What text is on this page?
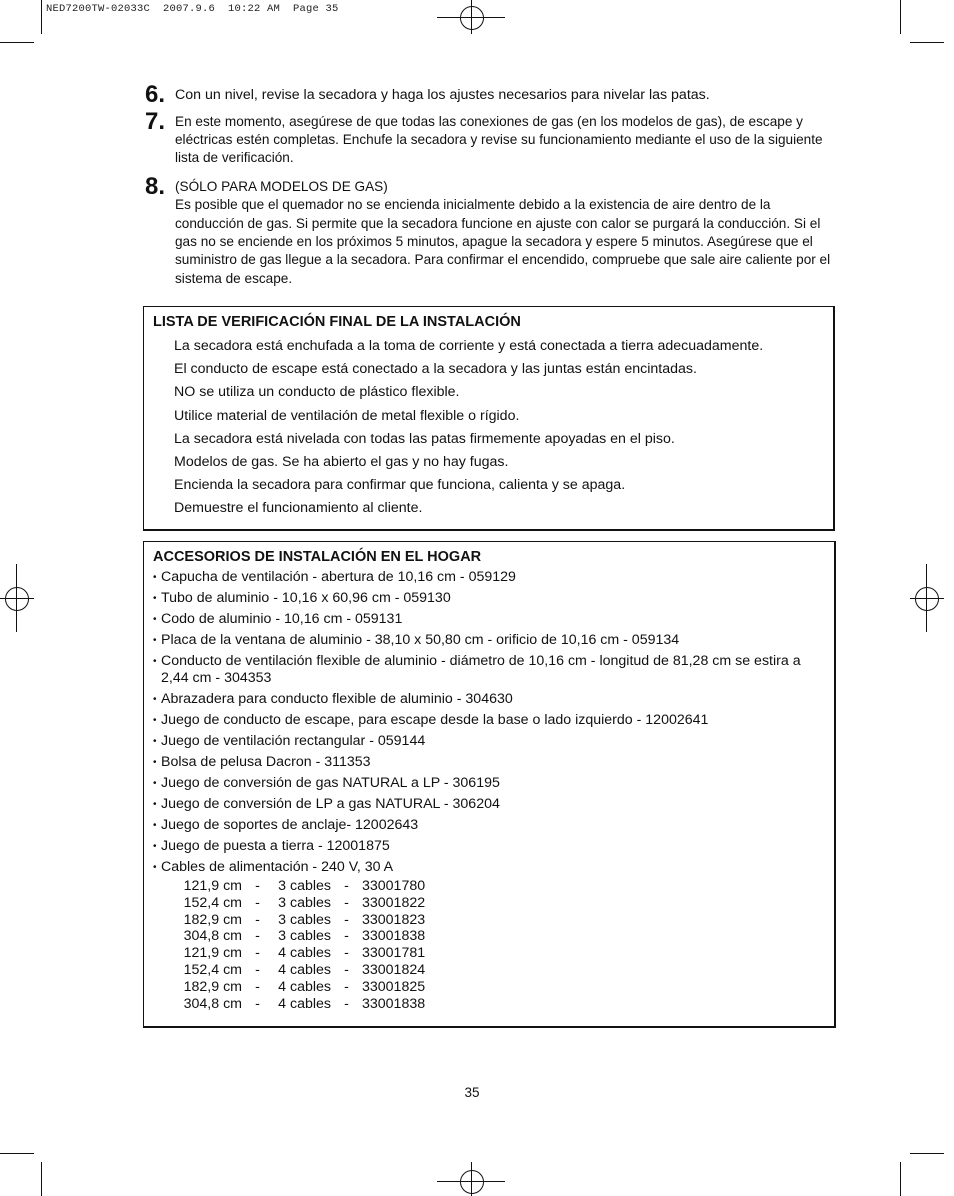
NED7200TW-02033C  2007.9.6  10:22 AM  Page 35
6. Con un nivel, revise la secadora y haga los ajustes necesarios para nivelar las patas.
7. En este momento, asegúrese de que todas las conexiones de gas (en los modelos de gas), de escape y eléctricas estén completas. Enchufe la secadora y revise su funcionamiento mediante el uso de la siguiente lista de verificación.
8. (SÓLO PARA MODELOS DE GAS)
Es posible que el quemador no se encienda inicialmente debido a la existencia de aire dentro de la conducción de gas. Si permite que la secadora funcione en ajuste con calor se purgará la conducción. Si el gas no se enciende en los próximos 5 minutos, apague la secadora y espere 5 minutos. Asegúrese que el suministro de gas llegue a la secadora. Para confirmar el encendido, compruebe que sale aire caliente por el sistema de escape.
LISTA DE VERIFICACIÓN FINAL DE LA INSTALACIÓN
La secadora está enchufada a la toma de corriente y está conectada a tierra adecuadamente.
El conducto de escape está conectado a la secadora y las juntas están encintadas.
NO se utiliza un conducto de plástico flexible.
Utilice material de ventilación de metal flexible o rígido.
La secadora está nivelada con todas las patas firmemente apoyadas en el piso.
Modelos de gas. Se ha abierto el gas y no hay fugas.
Encienda la secadora para confirmar que funciona, calienta y se apaga.
Demuestre el funcionamiento al cliente.
ACCESORIOS DE INSTALACIÓN EN EL HOGAR
• Capucha de ventilación - abertura de 10,16 cm - 059129
• Tubo de aluminio - 10,16 x 60,96 cm - 059130
• Codo de aluminio - 10,16 cm - 059131
• Placa de la ventana de aluminio - 38,10 x 50,80 cm - orificio de 10,16 cm - 059134
• Conducto de ventilación flexible de aluminio - diámetro de 10,16 cm - longitud de 81,28 cm se estira a 2,44 cm - 304353
• Abrazadera para conducto flexible de aluminio - 304630
• Juego de conducto de escape, para escape desde la base o lado izquierdo - 12002641
• Juego de ventilación rectangular - 059144
• Bolsa de pelusa Dacron - 311353
• Juego de conversión de gas NATURAL a LP - 306195
• Juego de conversión de LP a gas NATURAL - 306204
• Juego de soportes de anclaje- 12002643
• Juego de puesta a tierra - 12001875
• Cables de alimentación - 240 V, 30 A
121,9 cm - 3 cables - 33001780
152,4 cm - 3 cables - 33001822
182,9 cm - 3 cables - 33001823
304,8 cm - 3 cables - 33001838
121,9 cm - 4 cables - 33001781
152,4 cm - 4 cables - 33001824
182,9 cm - 4 cables - 33001825
304,8 cm - 4 cables - 33001838
35
